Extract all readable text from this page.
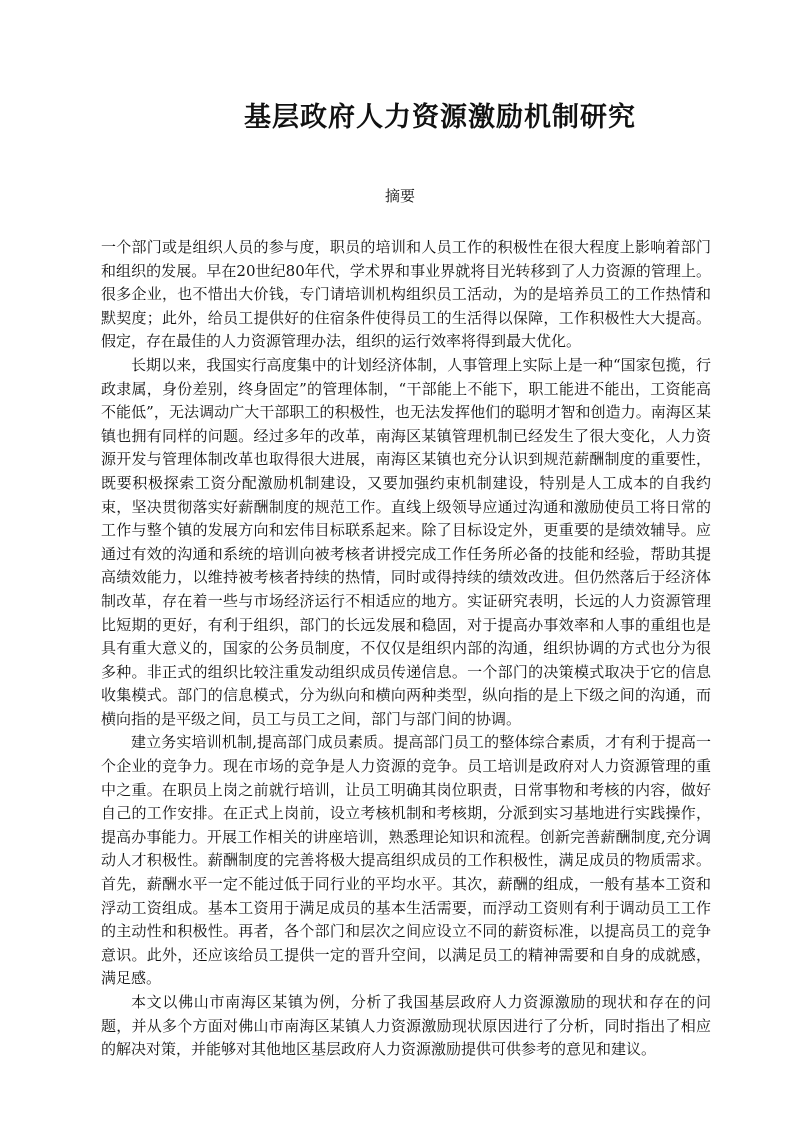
基层政府人力资源激励机制研究
摘要

一个部门或是组织人员的参与度，职员的培训和人员工作的积极性在很大程度上影响着部门和组织的发展。早在20世纪80年代，学术界和事业界就将目光转移到了人力资源的管理上。很多企业，也不惜出大价钱，专门请培训机构组织员工活动，为的是培养员工的工作热情和默契度；此外，给员工提供好的住宿条件使得员工的生活得以保障，工作积极性大大提高。假定，存在最佳的人力资源管理办法，组织的运行效率将得到最大优化。

长期以来，我国实行高度集中的计划经济体制，人事管理上实际上是一种“国家包揽，行政隶属，身份差别，终身固定”的管理体制，“干部能上不能下，职工能进不能出，工资能高不能低”，无法调动广大干部职工的积极性，也无法发挥他们的聪明才智和创造力。南海区某镇也拥有同样的问题。经过多年的改革，南海区某镇管理机制已经发生了很大变化，人力资源开发与管理体制改革也取得很大进展，南海区某镇也充分认识到规范薪酬制度的重要性，既要积极探索工资分配激励机制建设，又要加强约束机制建设，特别是人工成本的自我约束，坚决贯彻落实好薪酬制度的规范工作。直线上级领导应通过沟通和激励使员工将日常的工作与整个镇的发展方向和宏伟目标联系起来。除了目标设定外，更重要的是绩效辅导。应通过有效的沟通和系统的培训向被考核者讲授完成工作任务所必备的技能和经验，帮助其提高绩效能力，以维持被考核者持续的热情，同时或得持续的绩效改进。但仍然落后于经济体制改革，存在着一些与市场经济运行不相适应的地方。实证研究表明，长远的人力资源管理比短期的更好，有利于组织，部门的长远发展和稳固，对于提高办事效率和人事的重组也是具有重大意义的，国家的公务员制度，不仅仅是组织内部的沟通，组织协调的方式也分为很多种。非正式的组织比较注重发动组织成员传递信息。一个部门的决策模式取决于它的信息收集模式。部门的信息模式，分为纵向和横向两种类型，纵向指的是上下级之间的沟通，而横向指的是平级之间，员工与员工之间，部门与部门间的协调。

建立务实培训机制,提高部门成员素质。提高部门员工的整体综合素质，才有利于提高一个企业的竞争力。现在市场的竞争是人力资源的竞争。员工培训是政府对人力资源管理的重中之重。在职员上岗之前就行培训，让员工明确其岗位职责，日常事物和考核的内容，做好自己的工作安排。在正式上岗前，设立考核机制和考核期，分派到实习基地进行实践操作，提高办事能力。开展工作相关的讲座培训，熟悉理论知识和流程。创新完善薪酬制度,充分调动人才积极性。薪酬制度的完善将极大提高组织成员的工作积极性，满足成员的物质需求。首先，薪酬水平一定不能过低于同行业的平均水平。其次，薪酬的组成，一般有基本工资和浮动工资组成。基本工资用于满足成员的基本生活需要，而浮动工资则有利于调动员工工作的主动性和积极性。再者，各个部门和层次之间应设立不同的薪资标准，以提高员工的竞争意识。此外，还应该给员工提供一定的晋升空间，以满足员工的精神需要和自身的成就感，满足感。

本文以佛山市南海区某镇为例，分析了我国基层政府人力资源激励的现状和存在的问题，并从多个方面对佛山市南海区某镇人力资源激励现状原因进行了分析，同时指出了相应的解决对策，并能够对其他地区基层政府人力资源激励提供可供参考的意见和建议。
